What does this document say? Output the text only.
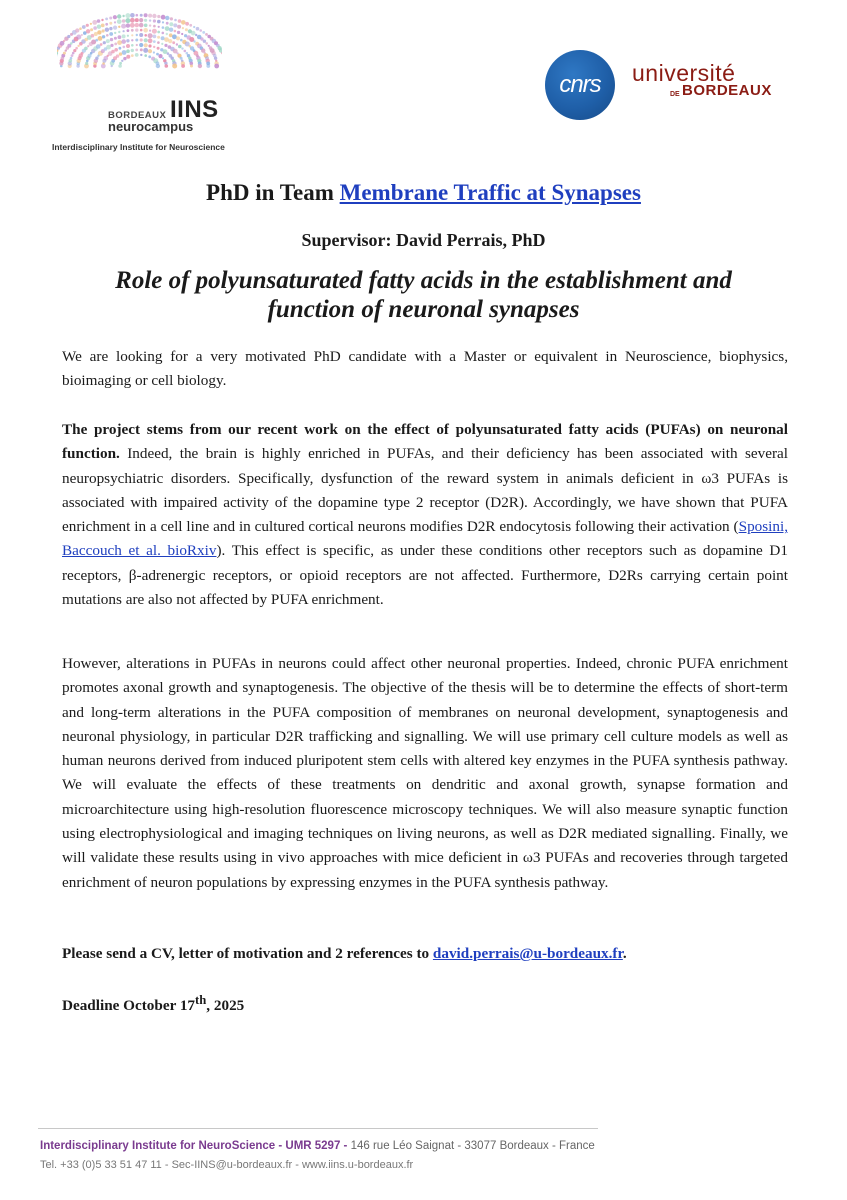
BORDEAUX IINS
neurocampus
Interdisciplinary Institute for Neuroscience
cnrs université
DE BORDEAUX
PhD in Team Membrane Traffic at Synapses
Supervisor: David Perrais, PhD
Role of polyunsaturated fatty acids in the establishment and
function of neuronal synapses
We are looking for a very motivated PhD candidate with a Master or equivalent in Neuroscience, biophysics, bioimaging or cell biology.
The project stems from our recent work on the effect of polyunsaturated fatty acids (PUFAs) on neuronal function. Indeed, the brain is highly enriched in PUFAs, and their deficiency has been associated with several neuropsychiatric disorders. Specifically, dysfunction of the reward system in animals deficient in ω3 PUFAs is associated with impaired activity of the dopamine type 2 receptor (D2R). Accordingly, we have shown that PUFA enrichment in a cell line and in cultured cortical neurons modifies D2R endocytosis following their activation (Sposini, Baccouch et al. bioRxiv). This effect is specific, as under these conditions other receptors such as dopamine D1 receptors, β-adrenergic receptors, or opioid receptors are not affected. Furthermore, D2Rs carrying certain point mutations are also not affected by PUFA enrichment.
However, alterations in PUFAs in neurons could affect other neuronal properties. Indeed, chronic PUFA enrichment promotes axonal growth and synaptogenesis. The objective of the thesis will be to determine the effects of short-term and long-term alterations in the PUFA composition of membranes on neuronal development, synaptogenesis and neuronal physiology, in particular D2R trafficking and signalling. We will use primary cell culture models as well as human neurons derived from induced pluripotent stem cells with altered key enzymes in the PUFA synthesis pathway. We will evaluate the effects of these treatments on dendritic and axonal growth, synapse formation and microarchitecture using high-resolution fluorescence microscopy techniques. We will also measure synaptic function using electrophysiological and imaging techniques on living neurons, as well as D2R mediated signalling. Finally, we will validate these results using in vivo approaches with mice deficient in ω3 PUFAs and recoveries through targeted enrichment of neuron populations by expressing enzymes in the PUFA synthesis pathway.
Please send a CV, letter of motivation and 2 references to david.perrais@u-bordeaux.fr.
Deadline October 17th, 2025
Interdisciplinary Institute for NeuroScience - UMR 5297 - 146 rue Léo Saignat - 33077 Bordeaux - France
Tel. +33 (0)5 33 51 47 11 - Sec-IINS@u-bordeaux.fr - www.iins.u-bordeaux.fr
